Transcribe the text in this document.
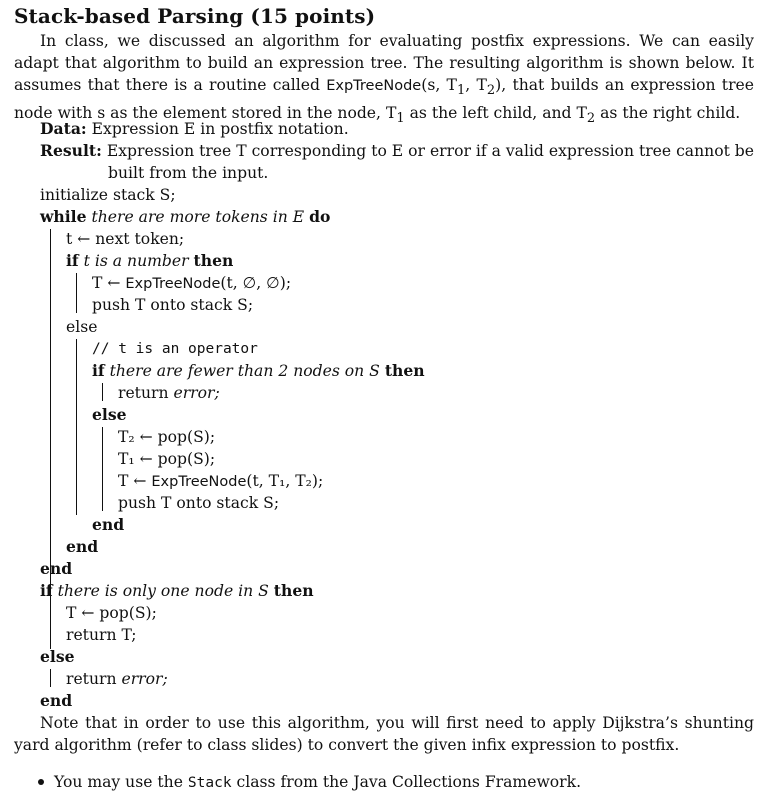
Stack-based Parsing (15 points)

In class, we discussed an algorithm for evaluating postfix expressions. We can easily adapt that algorithm to build an expression tree. The resulting algorithm is shown below. It assumes that there is a routine called ExpTreeNode(s, $T_1$, $T_2$), that builds an expression tree node with s as the element stored in the node, $T_1$ as the left child, and $T_2$ as the right child.

Data: Expression E in postfix notation.
Result: Expression tree T corresponding to E or error if a valid expression tree cannot be
built from the input.
initialize stack S;
while there are more tokens in E do
t ← next token;
if t is a number then
T ← ExpTreeNode(t, ∅, ∅);
push T onto stack S;
else
// t is an operator
if there are fewer than 2 nodes on S then
return error;
else
T₂ ← pop(S);
T₁ ← pop(S);
T ← ExpTreeNode(t, T₁, T₂);
push T onto stack S;
end
end
end
if there is only one node in S then
T ← pop(S);
return T;
else
return error;
end

Note that in order to use this algorithm, you will first need to apply Dijkstra’s shunting yard algorithm (refer to class slides) to convert the given infix expression to postfix.

You may use the Stack class from the Java Collections Framework.
